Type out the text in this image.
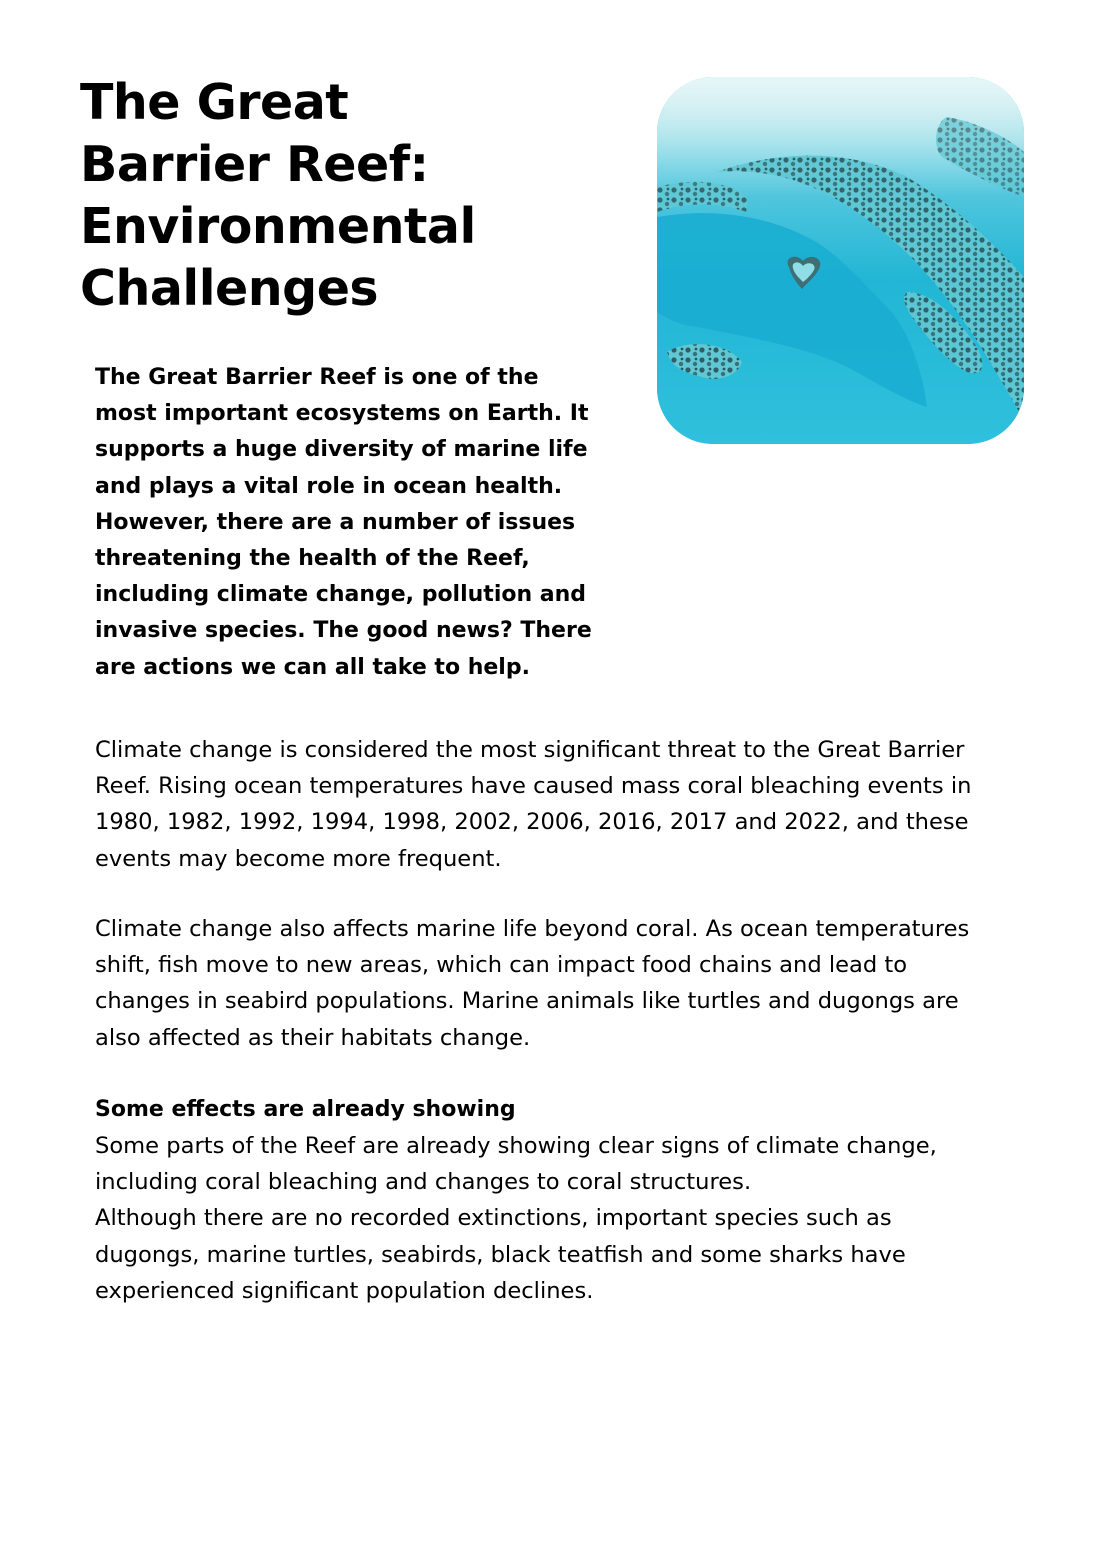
The Great
Barrier Reef:
Environmental
Challenges

The Great Barrier Reef is one of the
most important ecosystems on Earth. It
supports a huge diversity of marine life
and plays a vital role in ocean health.
However, there are a number of issues
threatening the health of the Reef,
including climate change, pollution and
invasive species. The good news? There
are actions we can all take to help.

Climate change is considered the most significant threat to the Great Barrier
Reef. Rising ocean temperatures have caused mass coral bleaching events in
1980, 1982, 1992, 1994, 1998, 2002, 2006, 2016, 2017 and 2022, and these
events may become more frequent.

Climate change also affects marine life beyond coral. As ocean temperatures
shift, fish move to new areas, which can impact food chains and lead to
changes in seabird populations. Marine animals like turtles and dugongs are
also affected as their habitats change.

Some effects are already showing

Some parts of the Reef are already showing clear signs of climate change,
including coral bleaching and changes to coral structures.
Although there are no recorded extinctions, important species such as
dugongs, marine turtles, seabirds, black teatfish and some sharks have
experienced significant population declines.
